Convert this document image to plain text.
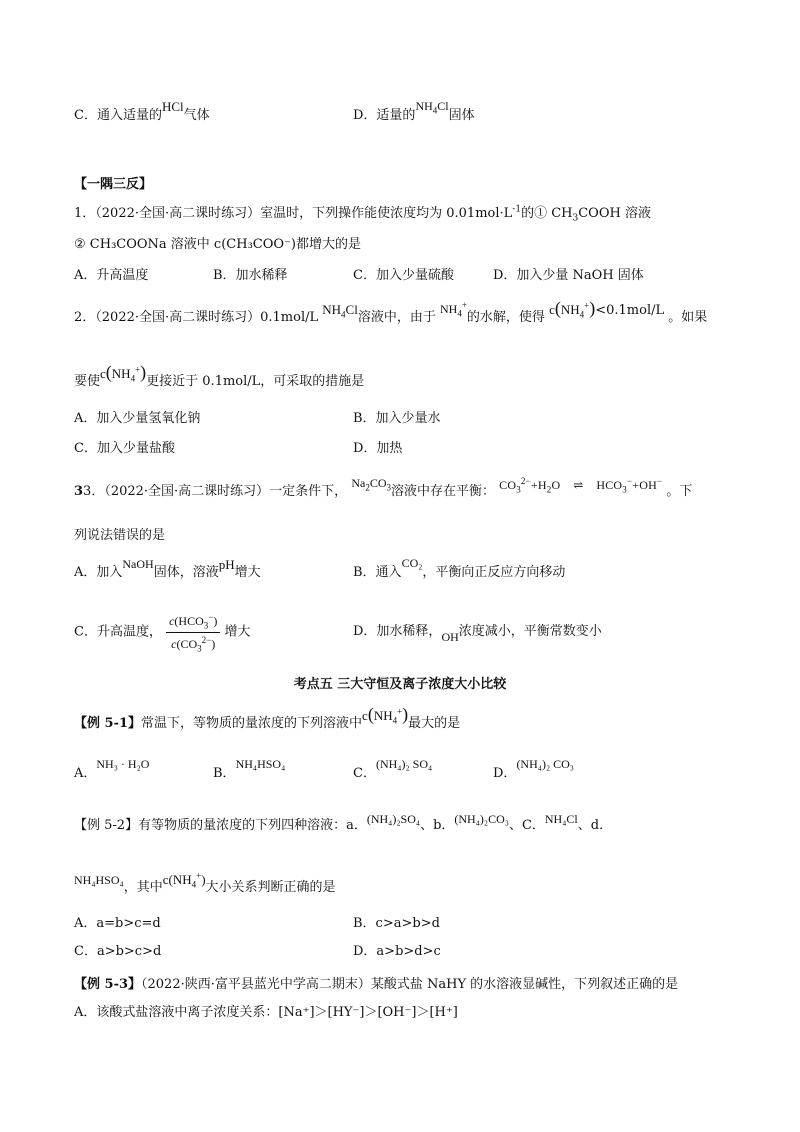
C．通入适量的HCl气体	D．适量的$NH_4Cl$固体
【一隅三反】
1．（2022·全国·高二课时练习）室温时，下列操作能使浓度均为 $0.01mol\cdot L^{-1}$的① $CH_3COOH$ 溶液
② CH₃COONa 溶液中 c(CH₃COO⁻)都增大的是
A．升高温度	B．加水稀释	C．加入少量硫酸	D．加入少量 NaOH 固体
2．（2022·全国·高二课时练习）0.1mol/L $NH_4Cl$溶液中，由于 $NH_4^+$的水解，使得 $c(NH_4^+)<0.1mol/L$ 。如果
要使$c(NH_4^+)$更接近于 0.1mol/L，可采取的措施是
A．加入少量氢氧化钠	B．加入少量水
C．加入少量盐酸	D．加热
33．（2022·全国·高二课时练习）一定条件下， $Na_2CO_3$溶液中存在平衡： $CO_3^{2-}+H_2O$ ⇌ $HCO_3^-+OH^-$ 。下
列说法错误的是
A．加入NaOH固体，溶液pH增大	B．通入CO₂，平衡向正反应方向移动
C．升高温度， $\frac{c(HCO_3^-)}{c(CO_3^{2-})}$ 增大	D．加水稀释，OH浓度减小，平衡常数变小
考点五 三大守恒及离子浓度大小比较
【例 5-1】常温下，等物质的量浓度的下列溶液中$c(NH_4^+)$最大的是
A．NH₃ · H₂O
B．NH₄HSO₄
C．(NH₄)₂ SO₄
D．(NH₄)₂ CO₃
【例 5-2】有等物质的量浓度的下列四种溶液：a．(NH₄)₂SO₄、b．(NH₄)₂CO₃、C．NH₄Cl、d．
NH₄HSO₄，其中$c(NH_4^+)$大小关系判断正确的是
A．a=b>c=d	B．c>a>b>d
C．a>b>c>d	D．a>b>d>c
【例 5-3】（2022·陕西·富平县蓝光中学高二期末）某酸式盐 NaHY 的水溶液显碱性，下列叙述正确的是
A．该酸式盐溶液中离子浓度关系：[Na⁺]＞[HY⁻]＞[OH⁻]＞[H⁺]
